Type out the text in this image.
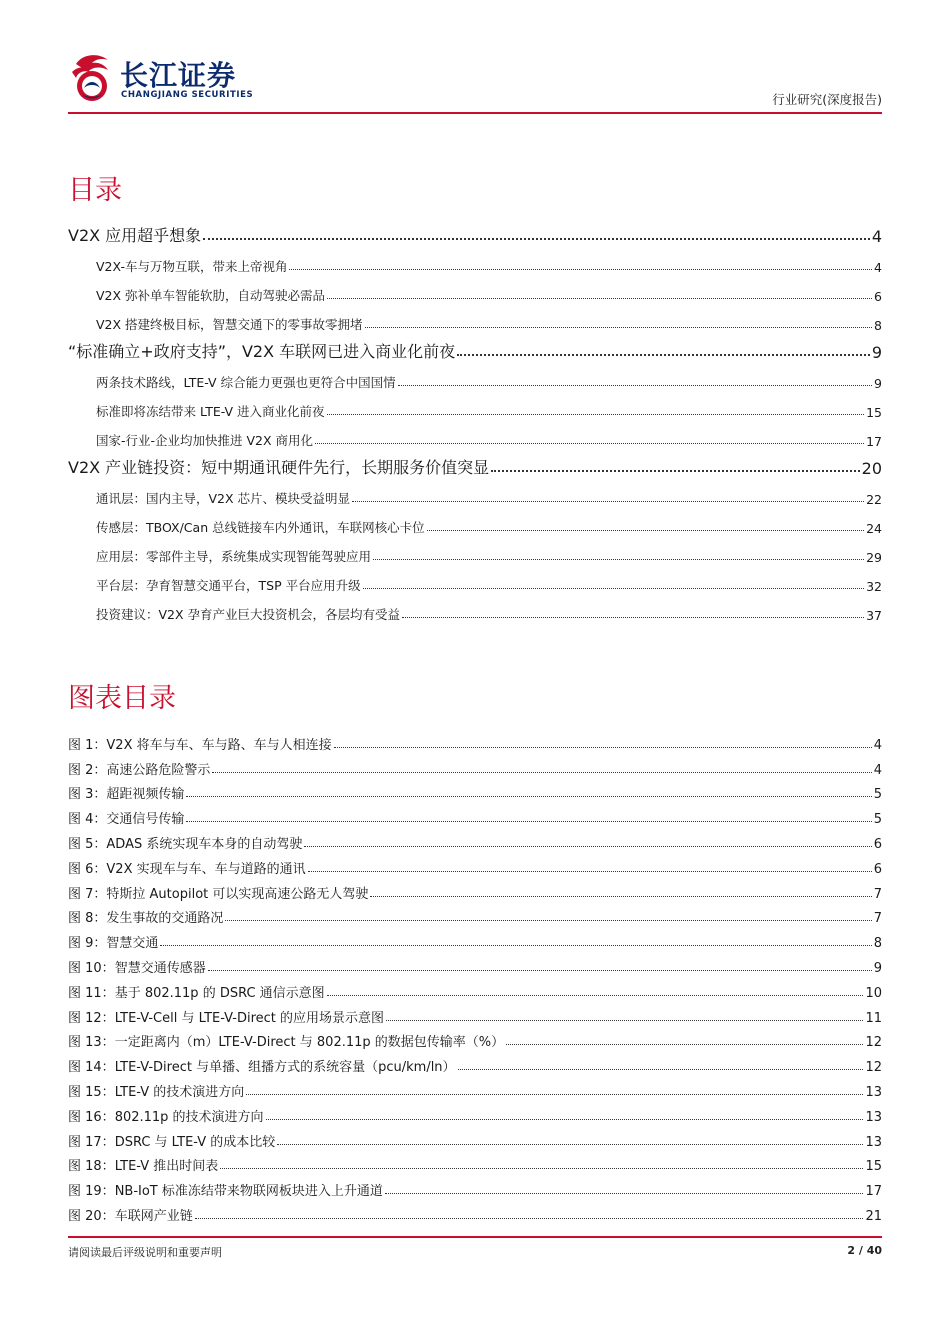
长江证券
CHANGJIANG SECURITIES	行业研究(深度报告)
目录
V2X 应用超乎想象	4
V2X-车与万物互联，带来上帝视角	4
V2X 弥补单车智能软肋，自动驾驶必需品	6
V2X 搭建终极目标，智慧交通下的零事故零拥堵	8
“标准确立+政府支持”，V2X 车联网已进入商业化前夜	9
两条技术路线，LTE-V 综合能力更强也更符合中国国情	9
标准即将冻结带来 LTE-V 进入商业化前夜	15
国家-行业-企业均加快推进 V2X 商用化	17
V2X 产业链投资：短中期通讯硬件先行，长期服务价值突显	20
通讯层：国内主导，V2X 芯片、模块受益明显	22
传感层：TBOX/Can 总线链接车内外通讯，车联网核心卡位	24
应用层：零部件主导，系统集成实现智能驾驶应用	29
平台层：孕育智慧交通平台，TSP 平台应用升级	32
投资建议：V2X 孕育产业巨大投资机会，各层均有受益	37
图表目录
图 1：V2X 将车与车、车与路、车与人相连接	4
图 2：高速公路危险警示	4
图 3：超距视频传输	5
图 4：交通信号传输	5
图 5：ADAS 系统实现车本身的自动驾驶	6
图 6：V2X 实现车与车、车与道路的通讯	6
图 7：特斯拉 Autopilot 可以实现高速公路无人驾驶	7
图 8：发生事故的交通路况	7
图 9：智慧交通	8
图 10：智慧交通传感器	9
图 11：基于 802.11p 的 DSRC 通信示意图	10
图 12：LTE-V-Cell 与 LTE-V-Direct 的应用场景示意图	11
图 13：一定距离内（m）LTE-V-Direct 与 802.11p 的数据包传输率（%）	12
图 14：LTE-V-Direct 与单播、组播方式的系统容量（pcu/km/ln）	12
图 15：LTE-V 的技术演进方向	13
图 16：802.11p 的技术演进方向	13
图 17：DSRC 与 LTE-V 的成本比较	13
图 18：LTE-V 推出时间表	15
图 19：NB-IoT 标准冻结带来物联网板块进入上升通道	17
图 20：车联网产业链	21
请阅读最后评级说明和重要声明	2 / 40
